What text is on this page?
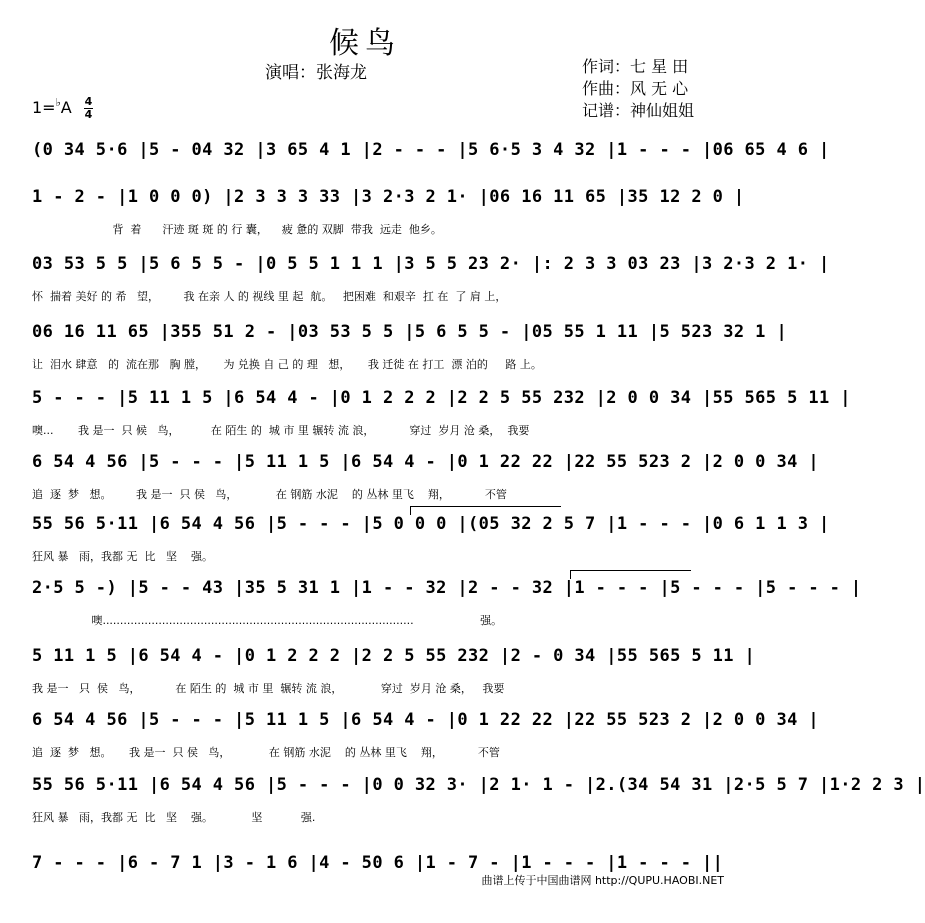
候鸟
演唱：张海龙	作词：七 星 田
作曲：风 无 心
记谱：神仙姐姐
1=♭A 4
4
(0 34 5·6 |5 - 04 32 |3 65 4 1 |2 - - - |5 6·5 3 4 32 |1 - - - |06 65 4 6 |
1 - 2 - |1 0 0 0) |2 3 3 3 33 |3 2·3 2 1· |06 16 11 65 |35 12 2 0 |
背  着      汗迹 斑 斑 的 行 囊，    疲 惫的 双脚  带我  远走  他乡。
03 53 5 5 |5 6 5 5 - |0 5 5 1 1 1 |3 5 5 23 2· |: 2 3 3 03 23 |3 2·3 2 1· |
怀  揣着 美好 的 希   望，       我 在亲 人 的 视线 里 起  航。   把困难  和艰辛  扛 在  了 肩 上，
06 16 11 65 |355 51 2 - |03 53 5 5 |5 6 5 5 - |05 55 1 11 |5 523 32 1 |
让  泪水 肆意   的  流在那   胸 膛，     为 兑换 自 己 的 理   想，     我 迁徙 在 打工  漂 泊的     路 上。
5 - - - |5 11 1 5 |6 54 4 - |0 1 2 2 2 |2 2 5 55 232 |2 0 0 34 |55 565 5 11 |
噢...       我 是一  只 候   鸟，         在 陌生 的  城 市 里 辗转 流 浪，          穿过  岁月 沧 桑，  我要
6 54 4 56 |5 - - - |5 11 1 5 |6 54 4 - |0 1 22 22 |22 55 523 2 |2 0 0 34 |
追  逐  梦   想。       我 是一  只 侯   鸟，           在 钢筋 水泥    的 丛林 里飞    翔，          不管
55 56 5·11 |6 54 4 56 |5 - - - |5 0 0 0 |(05 32 2 5 7 |1 - - - |0 6 1 1 3 |
狂风 暴   雨，我都 无  比   坚    强。
2·5 5 -) |5 - - 43 |35 5 31 1 |1 - - 32 |2 - - 32 |1 - - - |5 - - - |5 - - - |
噢.........................................................................................                   强。
5 11 1 5 |6 54 4 - |0 1 2 2 2 |2 2 5 55 232 |2 - 0 34 |55 565 5 11 |
我 是一   只  侯   鸟，          在 陌生 的  城 市 里  辗转 流 浪，           穿过  岁月 沧 桑，   我要
6 54 4 56 |5 - - - |5 11 1 5 |6 54 4 - |0 1 22 22 |22 55 523 2 |2 0 0 34 |
追  逐  梦   想。     我 是一  只 侯   鸟，           在 钢筋 水泥    的 丛林 里飞    翔，          不管
55 56 5·11 |6 54 4 56 |5 - - - |0 0 32 3· |2 1· 1 - |2.(34 54 31 |2·5 5 7 |1·2 2 3 |
狂风 暴   雨，我都 无  比   坚    强。           坚           强.
7 - - - |6 - 7 1 |3 - 1 6 |4 - 50 6 |1 - 7 - |1 - - - |1 - - - ||
曲谱上传于中国曲谱网 http://QUPU.HAOBI.NET
